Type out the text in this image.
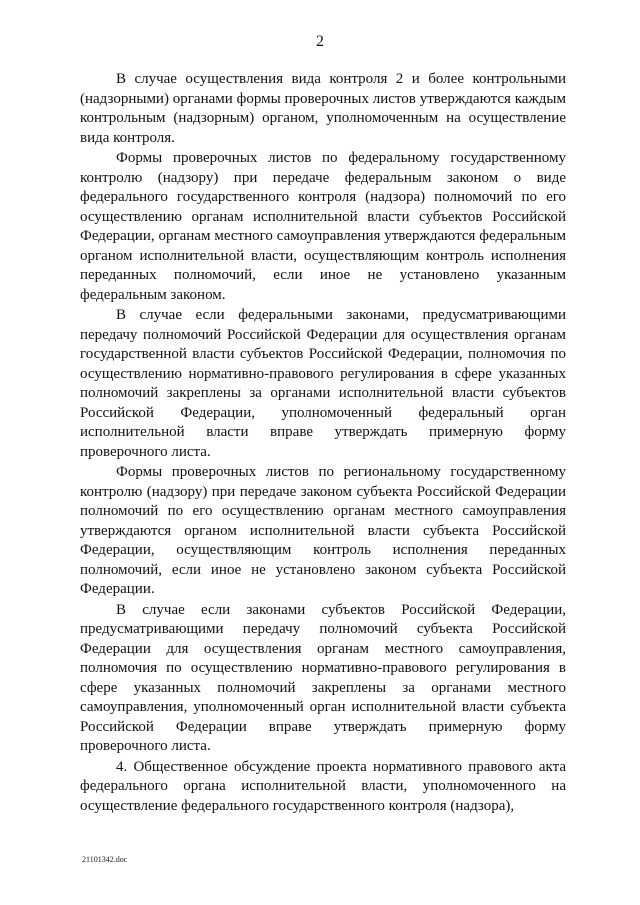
2

В случае осуществления вида контроля 2 и более контрольными (надзорными) органами формы проверочных листов утверждаются каждым контрольным (надзорным) органом, уполномоченным на осуществление вида контроля.

Формы проверочных листов по федеральному государственному контролю (надзору) при передаче федеральным законом о виде федерального государственного контроля (надзора) полномочий по его осуществлению органам исполнительной власти субъектов Российской Федерации, органам местного самоуправления утверждаются федеральным органом исполнительной власти, осуществляющим контроль исполнения переданных полномочий, если иное не установлено указанным федеральным законом.

В случае если федеральными законами, предусматривающими передачу полномочий Российской Федерации для осуществления органам государственной власти субъектов Российской Федерации, полномочия по осуществлению нормативно-правового регулирования в сфере указанных полномочий закреплены за органами исполнительной власти субъектов Российской Федерации, уполномоченный федеральный орган исполнительной власти вправе утверждать примерную форму проверочного листа.

Формы проверочных листов по региональному государственному контролю (надзору) при передаче законом субъекта Российской Федерации полномочий по его осуществлению органам местного самоуправления утверждаются органом исполнительной власти субъекта Российской Федерации, осуществляющим контроль исполнения переданных полномочий, если иное не установлено законом субъекта Российской Федерации.

В случае если законами субъектов Российской Федерации, предусматривающими передачу полномочий субъекта Российской Федерации для осуществления органам местного самоуправления, полномочия по осуществлению нормативно-правового регулирования в сфере указанных полномочий закреплены за органами местного самоуправления, уполномоченный орган исполнительной власти субъекта Российской Федерации вправе утверждать примерную форму проверочного листа.

4. Общественное обсуждение проекта нормативного правового акта федерального органа исполнительной власти, уполномоченного на осуществление федерального государственного контроля (надзора),

21101342.doc
